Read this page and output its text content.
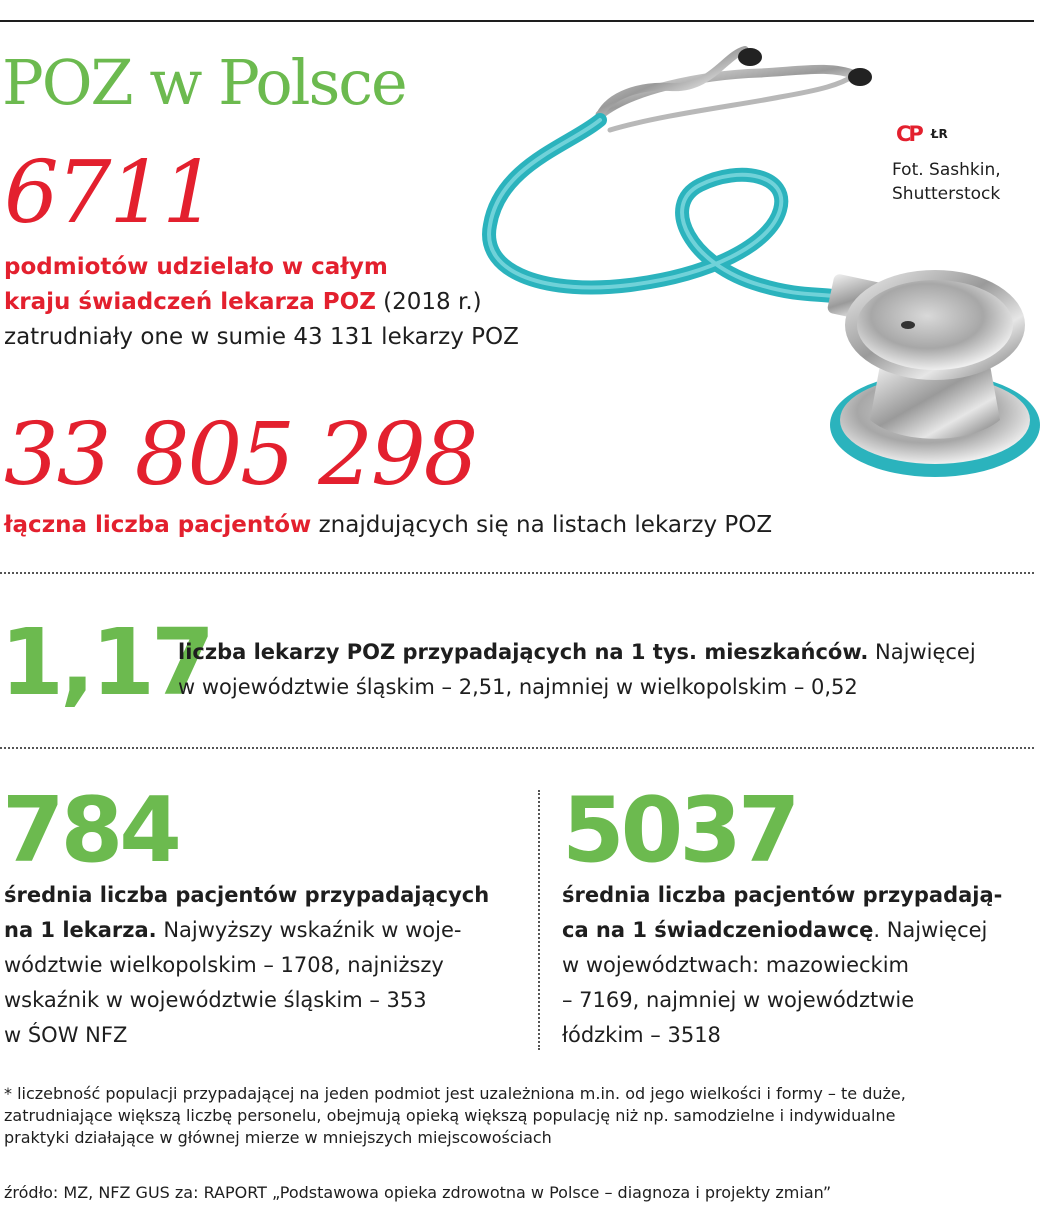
POZ w Polsce
CP ŁR
Fot. Sashkin,
Shutterstock
6711
podmiotów udzielało w całym
kraju świadczeń lekarza POZ (2018 r.)
zatrudniały one w sumie 43 131 lekarzy POZ
33 805 298
łączna liczba pacjentów znajdujących się na listach lekarzy POZ
1,17
liczba lekarzy POZ przypadających na 1 tys. mieszkańców. Najwięcej
w województwie śląskim – 2,51, najmniej w wielkopolskim – 0,52
784
średnia liczba pacjentów przypadających
na 1 lekarza. Najwyższy wskaźnik w woje-
wództwie wielkopolskim – 1708, najniższy
wskaźnik w województwie śląskim – 353
w ŚOW NFZ
5037
średnia liczba pacjentów przypadają-
ca na 1 świadczeniodawcę. Najwięcej
w województwach: mazowieckim
– 7169, najmniej w województwie
łódzkim – 3518
* liczebność populacji przypadającej na jeden podmiot jest uzależniona m.in. od jego wielkości i formy – te duże,
zatrudniające większą liczbę personelu, obejmują opieką większą populację niż np. samodzielne i indywidualne
praktyki działające w głównej mierze w mniejszych miejscowościach
źródło: MZ, NFZ GUS za: RAPORT „Podstawowa opieka zdrowotna w Polsce – diagnoza i projekty zmian”
